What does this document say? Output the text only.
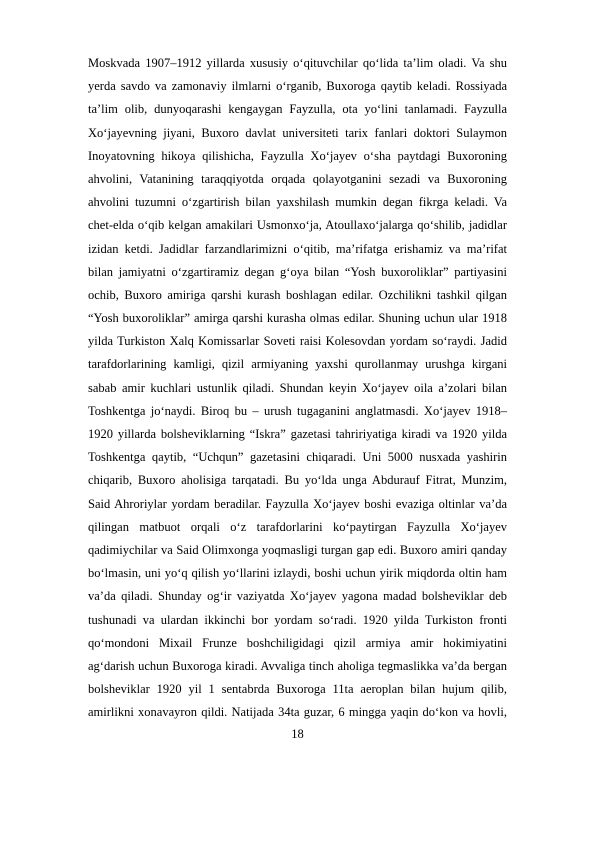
Moskvada 1907–1912 yillarda xususiy o‘qituvchilar qo‘lida ta’lim oladi. Va shu
yerda savdo va zamonaviy ilmlarni o‘rganib, Buxoroga qaytib keladi. Rossiyada
ta’lim olib, dunyoqarashi kengaygan Fayzulla, ota yo‘lini tanlamadi. Fayzulla
Xo‘jayevning jiyani, Buxoro davlat universiteti tarix fanlari doktori Sulaymon
Inoyatovning hikoya qilishicha, Fayzulla Xo‘jayev o‘sha paytdagi Buxoroning
ahvolini, Vatanining taraqqiyotda orqada qolayotganini sezadi va Buxoroning
ahvolini tuzumni o‘zgartirish bilan yaxshilash mumkin degan fikrga keladi. Va
chet-elda o‘qib kelgan amakilari Usmonxo‘ja, Atoullaxo‘jalarga qo‘shilib, jadidlar
izidan ketdi. Jadidlar farzandlarimizni o‘qitib, ma’rifatga erishamiz va ma’rifat
bilan jamiyatni o‘zgartiramiz degan g‘oya bilan “Yosh buxoroliklar” partiyasini
ochib, Buxoro amiriga qarshi kurash boshlagan edilar. Ozchilikni tashkil qilgan
“Yosh buxoroliklar” amirga qarshi kurasha olmas edilar. Shuning uchun ular 1918
yilda Turkiston Xalq Komissarlar Soveti raisi Kolesovdan yordam so‘raydi. Jadid
tarafdorlarining kamligi, qizil armiyaning yaxshi qurollanmay urushga kirgani
sabab amir kuchlari ustunlik qiladi. Shundan keyin Xo‘jayev oila a’zolari bilan
Toshkentga jo‘naydi. Biroq bu – urush tugaganini anglatmasdi. Xo‘jayev 1918–
1920 yillarda bolsheviklarning “Iskra” gazetasi tahririyatiga kiradi va 1920 yilda
Toshkentga qaytib, “Uchqun” gazetasini chiqaradi. Uni 5000 nusxada yashirin
chiqarib, Buxoro aholisiga tarqatadi. Bu yo‘lda unga Abdurauf Fitrat, Munzim,
Said Ahroriylar yordam beradilar. Fayzulla Xo‘jayev boshi evaziga oltinlar va’da
qilingan matbuot orqali o‘z tarafdorlarini ko‘paytirgan Fayzulla Xo‘jayev
qadimiychilar va Said Olimxonga yoqmasligi turgan gap edi. Buxoro amiri qanday
bo‘lmasin, uni yo‘q qilish yo‘llarini izlaydi, boshi uchun yirik miqdorda oltin ham
va’da qiladi. Shunday og‘ir vaziyatda Xo‘jayev yagona madad bolsheviklar deb
tushunadi va ulardan ikkinchi bor yordam so‘radi. 1920 yilda Turkiston fronti
qo‘mondoni Mixail Frunze boshchiligidagi qizil armiya amir hokimiyatini
ag‘darish uchun Buxoroga kiradi. Avvaliga tinch aholiga tegmaslikka va’da bergan
bolsheviklar 1920 yil 1 sentabrda Buxoroga 11ta aeroplan bilan hujum qilib,
amirlikni xonavayron qildi. Natijada 34ta guzar, 6 mingga yaqin do‘kon va hovli,
18
